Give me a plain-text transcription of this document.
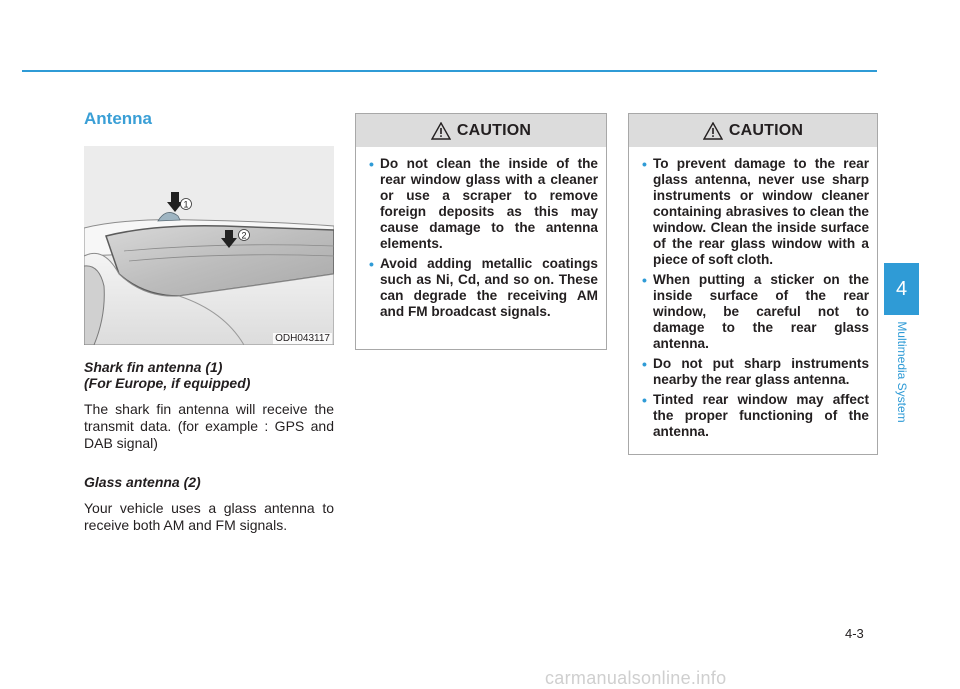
Antenna
1
2
ODH043117
Shark fin antenna (1)
(For Europe, if equipped)

The shark fin antenna will receive the transmit data. (for example : GPS and DAB signal)

Glass antenna (2)

Your vehicle uses a glass antenna to receive both AM and FM signals.

CAUTION
• Do not clean the inside of the rear window glass with a cleaner or use a scraper to remove foreign deposits as this may cause damage to the antenna elements.
• Avoid adding metallic coatings such as Ni, Cd, and so on. These can degrade the receiving AM and FM broadcast signals.
CAUTION
• To prevent damage to the rear glass antenna, never use sharp instruments or window cleaner containing abrasives to clean the window. Clean the inside surface of the rear glass window with a piece of soft cloth.
• When putting a sticker on the inside surface of the rear window, be careful not to damage to the rear glass antenna.
• Do not put sharp instruments nearby the rear glass antenna.
• Tinted rear window may affect the proper functioning of the antenna.
4
Multimedia System
4-3
carmanualsonline.info
